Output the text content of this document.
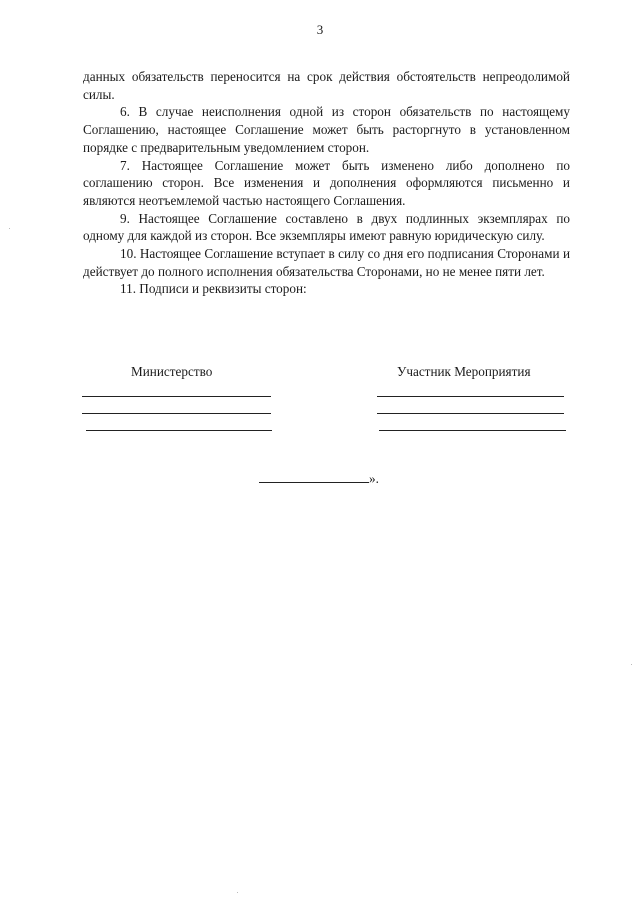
3

данных обязательств переносится на срок действия обстоятельств непреодолимой силы.

6. В случае неисполнения одной из сторон обязательств по настоящему Соглашению, настоящее Соглашение может быть расторгнуто в установленном порядке с предварительным уведомлением сторон.

7. Настоящее Соглашение может быть изменено либо дополнено по соглашению сторон. Все изменения и дополнения оформляются письменно и являются неотъемлемой частью настоящего Соглашения.

9. Настоящее Соглашение составлено в двух подлинных экземплярах по одному для каждой из сторон. Все экземпляры имеют равную юридическую силу.

10. Настоящее Соглашение вступает в силу со дня его подписания Сторонами и действует до полного исполнения обязательства Сторонами, но не менее пяти лет.

11. Подписи и реквизиты сторон:

Министерство	Участник Мероприятия
».
